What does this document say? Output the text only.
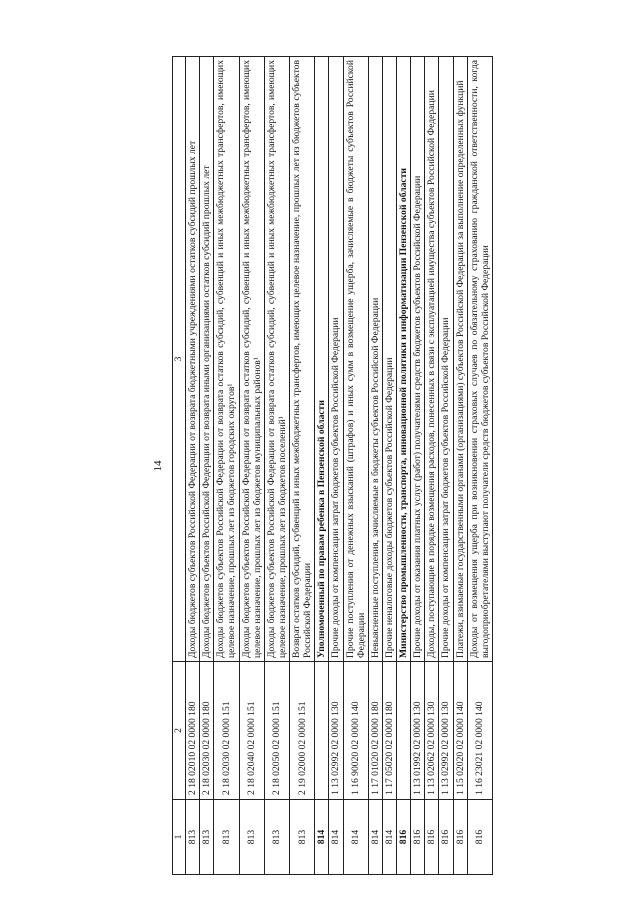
14
1	2	3
813	2 18 02010 02 0000 180	Доходы бюджетов субъектов Российской Федерации от возврата бюджетными учреждениями остатков субсидий прошлых лет
813	2 18 02030 02 0000 180	Доходы бюджетов субъектов Российской Федерации от возврата иными организациями остатков субсидий прошлых лет
813	2 18 02030 02 0000 151	Доходы бюджетов субъектов Российской Федерации от возврата остатков субсидий, субвенций и иных межбюджетных трансфертов, имеющих целевое назначение, прошлых лет из бюджетов городских округов¹
813	2 18 02040 02 0000 151	Доходы бюджетов субъектов Российской Федерации от возврата остатков субсидий, субвенций и иных межбюджетных трансфертов, имеющих целевое назначение, прошлых лет из бюджетов муниципальных районов¹
813	2 18 02050 02 0000 151	Доходы бюджетов субъектов Российской Федерации от возврата остатков субсидий, субвенций и иных межбюджетных трансфертов, имеющих целевое назначение, прошлых лет из бюджетов поселений¹
813	2 19 02000 02 0000 151	Возврат остатков субсидий, субвенций и иных межбюджетных трансфертов, имеющих целевое назначение, прошлых лет из бюджетов субъектов Российской Федерации
814		Уполномоченный по правам ребенка в Пензенской области
814	1 13 02992 02 0000 130	Прочие доходы от компенсации затрат бюджетов субъектов Российской Федерации
814	1 16 90020 02 0000 140	Прочие поступления от денежных взысканий (штрафов) и иных сумм в возмещение ущерба, зачисляемые в бюджеты субъектов Российской Федерации
814	1 17 01020 02 0000 180	Невыясненные поступления, зачисляемые в бюджеты субъектов Российской Федерации
814	1 17 05020 02 0000 180	Прочие неналоговые доходы бюджетов субъектов Российской Федерации
816		Министерство промышленности, транспорта, инновационной политики и информатизации Пензенской области
816	1 13 01992 02 0000 130	Прочие доходы от оказания платных услуг (работ) получателями средств бюджетов субъектов Российской Федерации
816	1 13 02062 02 0000 130	Доходы, поступающие в порядке возмещения расходов, понесенных в связи с эксплуатацией имущества субъектов Российской Федерации
816	1 13 02992 02 0000 130	Прочие доходы от компенсации затрат бюджетов субъектов Российской Федерации
816	1 15 02020 02 0000 140	Платежи, взимаемые государственными органами (организациями) субъектов Российской Федерации за выполнение определенных функций
816	1 16 23021 02 0000 140	Доходы от возмещения ущерба при возникновении страховых случаев по обязательному страхованию гражданской ответственности, когда выгодоприобретателями выступают получатели средств бюджетов субъектов Российской Федерации
